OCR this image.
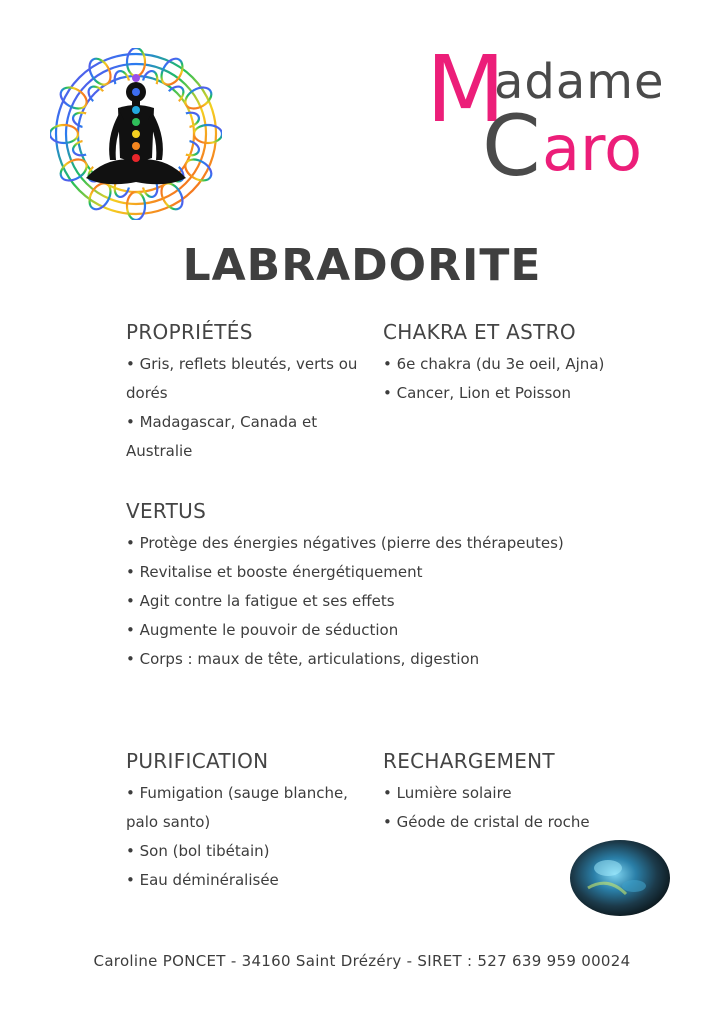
M
adame
C aro
LABRADORITE
PROPRIÉTÉS
• Gris, reflets bleutés, verts ou dorés
• Madagascar, Canada et Australie
CHAKRA ET ASTRO
• 6e chakra (du 3e oeil, Ajna)
• Cancer, Lion et Poisson
VERTUS
• Protège des énergies négatives (pierre des thérapeutes)
• Revitalise et booste énergétiquement
• Agit contre la fatigue et ses effets
• Augmente le pouvoir de séduction
• Corps : maux de tête, articulations, digestion
PURIFICATION
• Fumigation (sauge blanche, palo santo)
• Son (bol tibétain)
• Eau déminéralisée
RECHARGEMENT
• Lumière solaire
• Géode de cristal de roche
Caroline PONCET - 34160 Saint Drézéry - SIRET : 527 639 959 00024
